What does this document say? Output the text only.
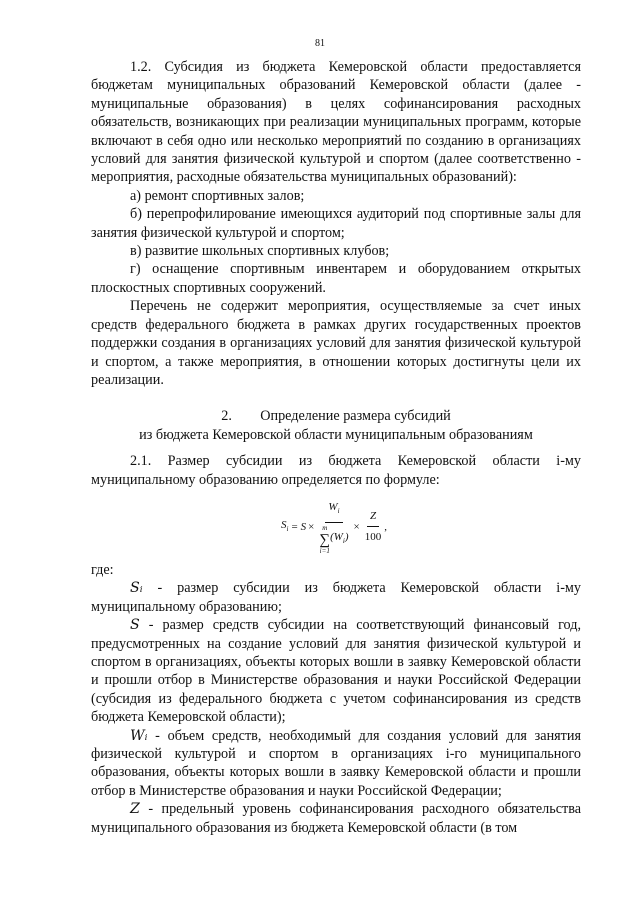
81

1.2. Субсидия из бюджета Кемеровской области предоставляется бюджетам муниципальных образований Кемеровской области (далее - муниципальные образования) в целях софинансирования расходных обязательств, возникающих при реализации муниципальных программ, которые включают в себя одно или несколько мероприятий по созданию в организациях условий для занятия физической культурой и спортом (далее соответственно - мероприятия, расходные обязательства муниципальных образований):

а) ремонт спортивных залов;

б) перепрофилирование имеющихся аудиторий под спортивные залы для занятия физической культурой и спортом;

в) развитие школьных спортивных клубов;

г) оснащение спортивным инвентарем и оборудованием открытых плоскостных спортивных сооружений.

Перечень не содержит мероприятия, осуществляемые за счет иных средств федерального бюджета в рамках других государственных проектов поддержки создания в организациях условий для занятия физической культурой и спортом, а также мероприятия, в отношении которых достигнуты цели их реализации.

2.        Определение размера субсидий

из бюджета Кемеровской области муниципальным образованиям

2.1. Размер субсидии из бюджета Кемеровской области i-му муниципальному образованию определяется по формуле:

$S_i = S$ ×
$W_i$
m
∑
i=1
$(W_i)$
× $\frac{Z}{100}$ ,

где:

Sᵢ - размер субсидии из бюджета Кемеровской области i-му муниципальному образованию;

S - размер средств субсидии на соответствующий финансовый год, предусмотренных на создание условий для занятия физической культурой и спортом в организациях, объекты которых вошли в заявку Кемеровской области и прошли отбор в Министерстве образования и науки Российской Федерации (субсидия из федерального бюджета с учетом софинансирования из средств бюджета Кемеровской области);

Wᵢ - объем средств, необходимый для создания условий для занятия физической культурой и спортом в организациях i-го муниципального образования, объекты которых вошли в заявку Кемеровской области и прошли отбор в Министерстве образования и науки Российской Федерации;

Z - предельный уровень софинансирования расходного обязательства муниципального образования из бюджета Кемеровской области (в том
